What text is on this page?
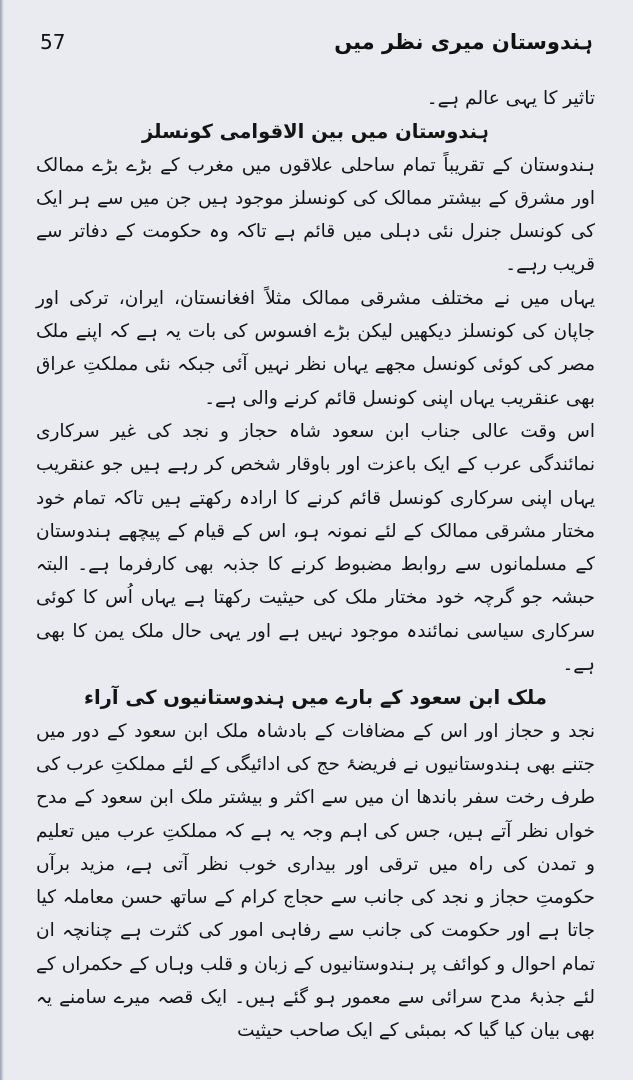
57	ہندوستان میری نظر میں

تاثیر کا یہی عالم ہے۔

ہندوستان میں بین الاقوامی کونسلز

ہندوستان کے تقریباً تمام ساحلی علاقوں میں مغرب کے بڑے بڑے ممالک اور مشرق کے بیشتر ممالک کی کونسلز موجود ہیں جن میں سے ہر ایک کی کونسل جنرل نئی دہلی میں قائم ہے تاکہ وہ حکومت کے دفاتر سے قریب رہے۔

یہاں میں نے مختلف مشرقی ممالک مثلاً افغانستان، ایران، ترکی اور جاپان کی کونسلز دیکھیں لیکن بڑے افسوس کی بات یہ ہے کہ اپنے ملک مصر کی کوئی کونسل مجھے یہاں نظر نہیں آئی جبکہ نئی مملکتِ عراق بھی عنقریب یہاں اپنی کونسل قائم کرنے والی ہے۔

اس وقت عالی جناب ابن سعود شاہ حجاز و نجد کی غیر سرکاری نمائندگی عرب کے ایک باعزت اور باوقار شخص کر رہے ہیں جو عنقریب یہاں اپنی سرکاری کونسل قائم کرنے کا ارادہ رکھتے ہیں تاکہ تمام خود مختار مشرقی ممالک کے لئے نمونہ ہو، اس کے قیام کے پیچھے ہندوستان کے مسلمانوں سے روابط مضبوط کرنے کا جذبہ بھی کارفرما ہے۔ البتہ حبشہ جو گرچہ خود مختار ملک کی حیثیت رکھتا ہے یہاں اُس کا کوئی سرکاری سیاسی نمائندہ موجود نہیں ہے اور یہی حال ملک یمن کا بھی ہے۔

ملک ابن سعود کے بارے میں ہندوستانیوں کی آراء

نجد و حجاز اور اس کے مضافات کے بادشاہ ملک ابن سعود کے دور میں جتنے بھی ہندوستانیوں نے فریضۂ حج کی ادائیگی کے لئے مملکتِ عرب کی طرف رخت سفر باندھا ان میں سے اکثر و بیشتر ملک ابن سعود کے مدح خواں نظر آتے ہیں، جس کی اہم وجہ یہ ہے کہ مملکتِ عرب میں تعلیم و تمدن کی راہ میں ترقی اور بیداری خوب نظر آتی ہے، مزید برآں حکومتِ حجاز و نجد کی جانب سے حجاج کرام کے ساتھ حسن معاملہ کیا جاتا ہے اور حکومت کی جانب سے رفاہی امور کی کثرت ہے چنانچہ ان تمام احوال و کوائف پر ہندوستانیوں کے زبان و قلب وہاں کے حکمراں کے لئے جذبۂ مدح سرائی سے معمور ہو گئے ہیں۔ ایک قصہ میرے سامنے یہ بھی بیان کیا گیا کہ بمبئی کے ایک صاحب حیثیت
